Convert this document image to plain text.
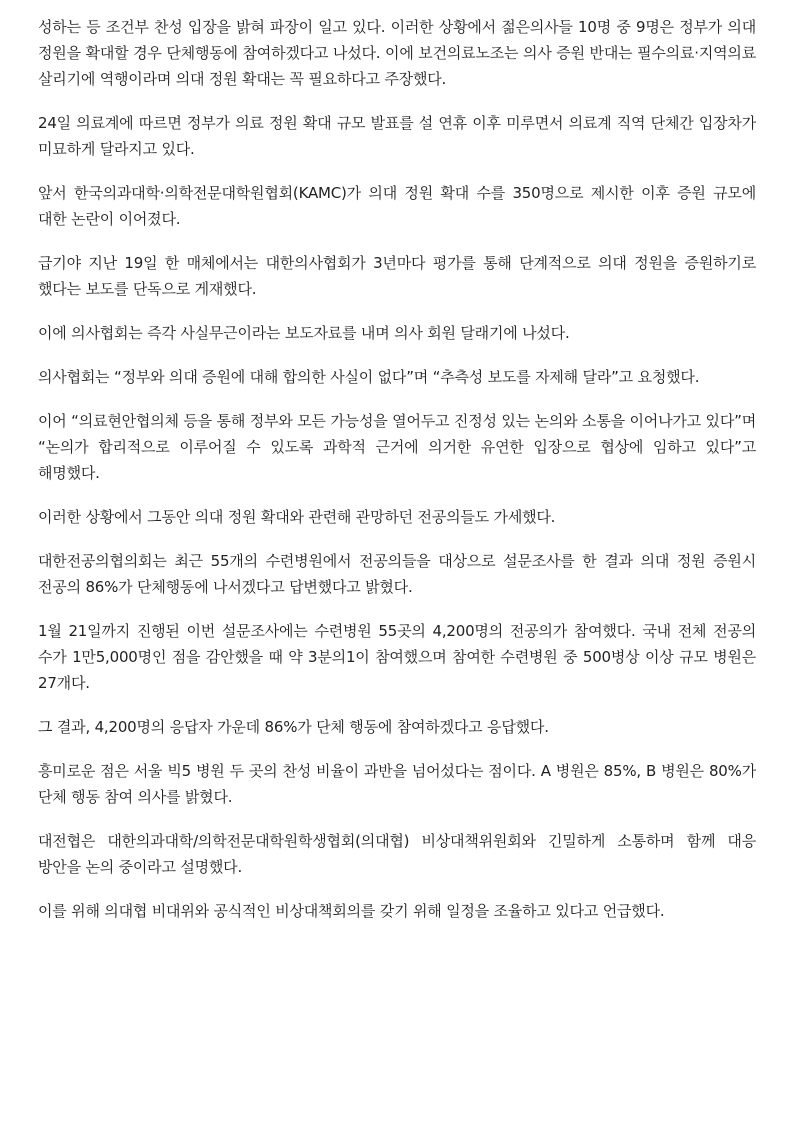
성하는 등 조건부 찬성 입장을 밝혀 파장이 일고 있다. 이러한 상황에서 젊은의사들 10명 중 9명은 정부가 의대 정원을 확대할 경우 단체행동에 참여하겠다고 나섰다. 이에 보건의료노조는 의사 증원 반대는 필수의료·지역의료 살리기에 역행이라며 의대 정원 확대는 꼭 필요하다고 주장했다.

24일 의료계에 따르면 정부가 의료 정원 확대 규모 발표를 설 연휴 이후 미루면서 의료계 직역 단체간 입장차가 미묘하게 달라지고 있다.

앞서 한국의과대학·의학전문대학원협회(KAMC)가 의대 정원 확대 수를 350명으로 제시한 이후 증원 규모에 대한 논란이 이어졌다.

급기야 지난 19일 한 매체에서는 대한의사협회가 3년마다 평가를 통해 단계적으로 의대 정원을 증원하기로 했다는 보도를 단독으로 게재했다.

이에 의사협회는 즉각 사실무근이라는 보도자료를 내며 의사 회원 달래기에 나섰다.

의사협회는 “정부와 의대 증원에 대해 합의한 사실이 없다”며 “추측성 보도를 자제해 달라”고 요청했다.

이어 “의료현안협의체 등을 통해 정부와 모든 가능성을 열어두고 진정성 있는 논의와 소통을 이어나가고 있다”며 “논의가 합리적으로 이루어질 수 있도록 과학적 근거에 의거한 유연한 입장으로 협상에 임하고 있다”고 해명했다.

이러한 상황에서 그동안 의대 정원 확대와 관련해 관망하던 전공의들도 가세했다.

대한전공의협의회는 최근 55개의 수련병원에서 전공의들을 대상으로 설문조사를 한 결과 의대 정원 증원시 전공의 86%가 단체행동에 나서겠다고 답변했다고 밝혔다.

1월 21일까지 진행된 이번 설문조사에는 수련병원 55곳의 4,200명의 전공의가 참여했다. 국내 전체 전공의 수가 1만5,000명인 점을 감안했을 때 약 3분의1이 참여했으며 참여한 수련병원 중 500병상 이상 규모 병원은 27개다.

그 결과, 4,200명의 응답자 가운데 86%가 단체 행동에 참여하겠다고 응답했다.

흥미로운 점은 서울 빅5 병원 두 곳의 찬성 비율이 과반을 넘어섰다는 점이다. A 병원은 85%, B 병원은 80%가 단체 행동 참여 의사를 밝혔다.

대전협은 대한의과대학/의학전문대학원학생협회(의대협) 비상대책위원회와 긴밀하게 소통하며 함께 대응 방안을 논의 중이라고 설명했다.

이를 위해 의대협 비대위와 공식적인 비상대책회의를 갖기 위해 일정을 조율하고 있다고 언급했다.
